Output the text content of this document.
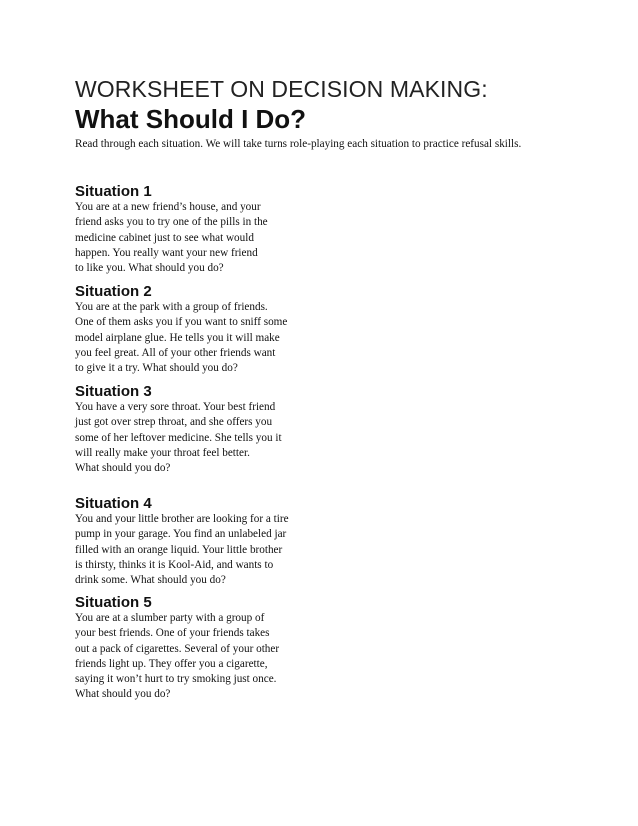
WORKSHEET ON DECISION MAKING:
What Should I Do?
Read through each situation. We will take turns role-playing each situation to practice refusal skills.
Situation 1
You are at a new friend’s house, and your
friend asks you to try one of the pills in the
medicine cabinet just to see what would
happen. You really want your new friend
to like you. What should you do?
Situation 2
You are at the park with a group of friends.
One of them asks you if you want to sniff some
model airplane glue. He tells you it will make
you feel great. All of your other friends want
to give it a try. What should you do?
Situation 3
You have a very sore throat. Your best friend
just got over strep throat, and she offers you
some of her leftover medicine. She tells you it
will really make your throat feel better.
What should you do?
Situation 4
You and your little brother are looking for a tire
pump in your garage. You find an unlabeled jar
filled with an orange liquid. Your little brother
is thirsty, thinks it is Kool-Aid, and wants to
drink some. What should you do?
Situation 5
You are at a slumber party with a group of
your best friends. One of your friends takes
out a pack of cigarettes. Several of your other
friends light up. They offer you a cigarette,
saying it won’t hurt to try smoking just once.
What should you do?
